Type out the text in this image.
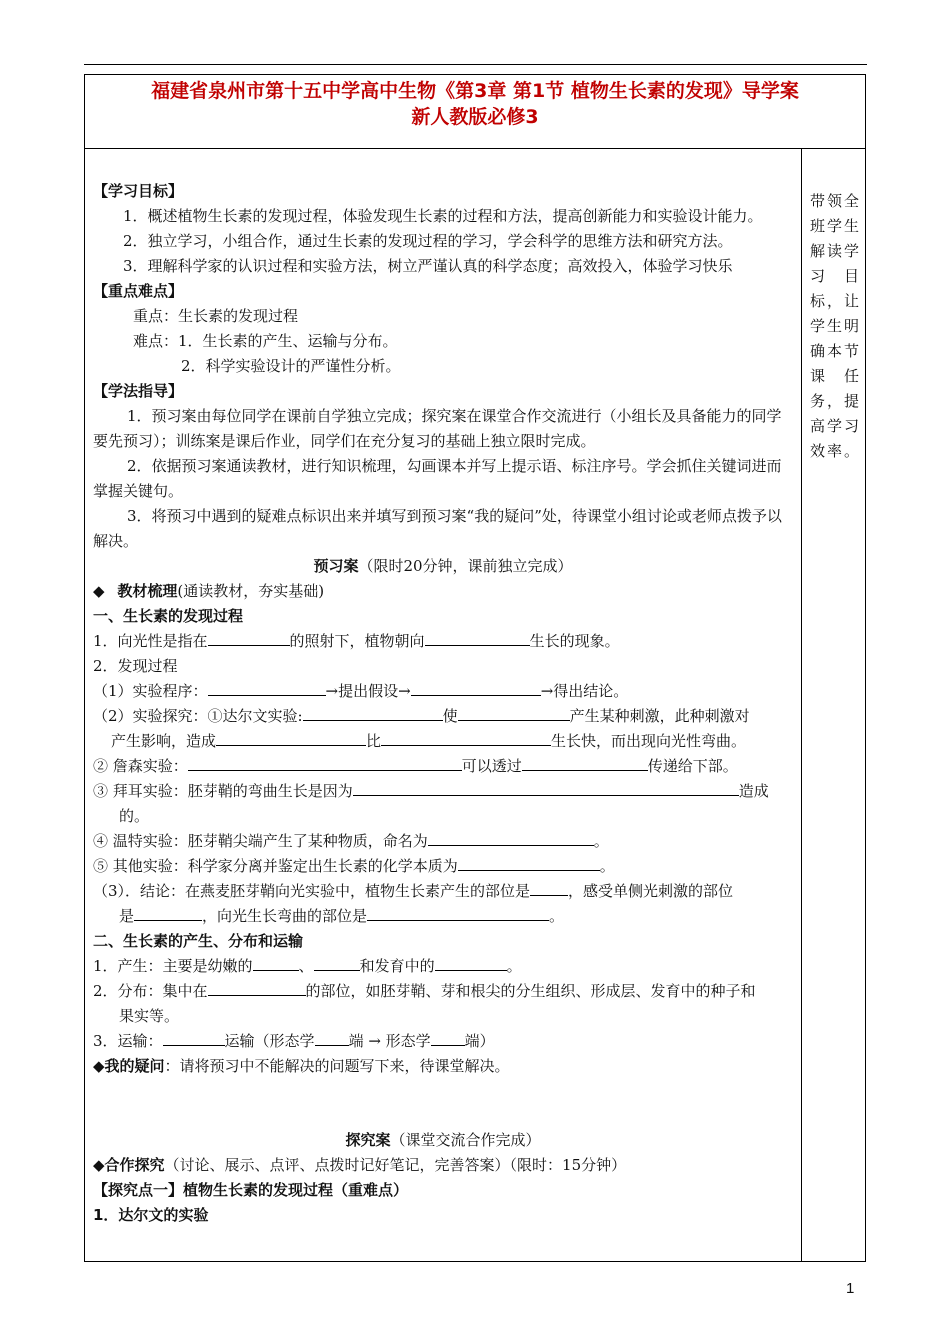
福建省泉州市第十五中学高中生物《第3章 第1节 植物生长素的发现》导学案
新人教版必修3
【学习目标】
1．概述植物生长素的发现过程，体验发现生长素的过程和方法，提高创新能力和实验设计能力。
2．独立学习，小组合作，通过生长素的发现过程的学习，学会科学的思维方法和研究方法。
3．理解科学家的认识过程和实验方法，树立严谨认真的科学态度；高效投入，体验学习快乐
【重点难点】
重点：生长素的发现过程
难点：1．生长素的产生、运输与分布。
2．科学实验设计的严谨性分析。
【学法指导】
1．预习案由每位同学在课前自学独立完成；探究案在课堂合作交流进行（小组长及具备能力的同学要先预习）；训练案是课后作业，同学们在充分复习的基础上独立限时完成。
2．依据预习案通读教材，进行知识梳理，勾画课本并写上提示语、标注序号。学会抓住关键词进而掌握关键句。
3．将预习中遇到的疑难点标识出来并填写到预习案“我的疑问”处，待课堂小组讨论或老师点拨予以解决。
预习案（限时20分钟，课前独立完成）
◆ 教材梳理(通读教材，夯实基础)
一、生长素的发现过程
1．向光性是指在	的照射下，植物朝向	生长的现象。
2．发现过程
（1）实验程序：	→提出假设→	→得出结论。
（2）实验探究：①达尔文实验:	使	产生某种刺激，此种刺激对
产生影响，造成	比	生长快，而出现向光性弯曲。
② 詹森实验：	可以透过	传递给下部。
③ 拜耳实验：胚芽鞘的弯曲生长是因为	造成
的。
④ 温特实验：胚芽鞘尖端产生了某种物质，命名为	。
⑤ 其他实验：科学家分离并鉴定出生长素的化学本质为	。
（3）．结论：在燕麦胚芽鞘向光实验中，植物生长素产生的部位是	，感受单侧光刺激的部位
是	，向光生长弯曲的部位是	。
二、生长素的产生、分布和运输
1．产生：主要是幼嫩的	、	和发育中的	。
2．分布：集中在	的部位，如胚芽鞘、芽和根尖的分生组织、形成层、发育中的种子和
果实等。
3．运输：	运输（形态学 端 → 形态学 端）
◆我的疑问：请将预习中不能解决的问题写下来，待课堂解决。
探究案（课堂交流合作完成）
◆合作探究（讨论、展示、点评、点拨时记好笔记，完善答案）（限时：15分钟）
【探究点一】植物生长素的发现过程（重难点）
1．达尔文的实验
带领全班学生解读学习目标，让学生明确本节课任务，提高学习效率。
1
